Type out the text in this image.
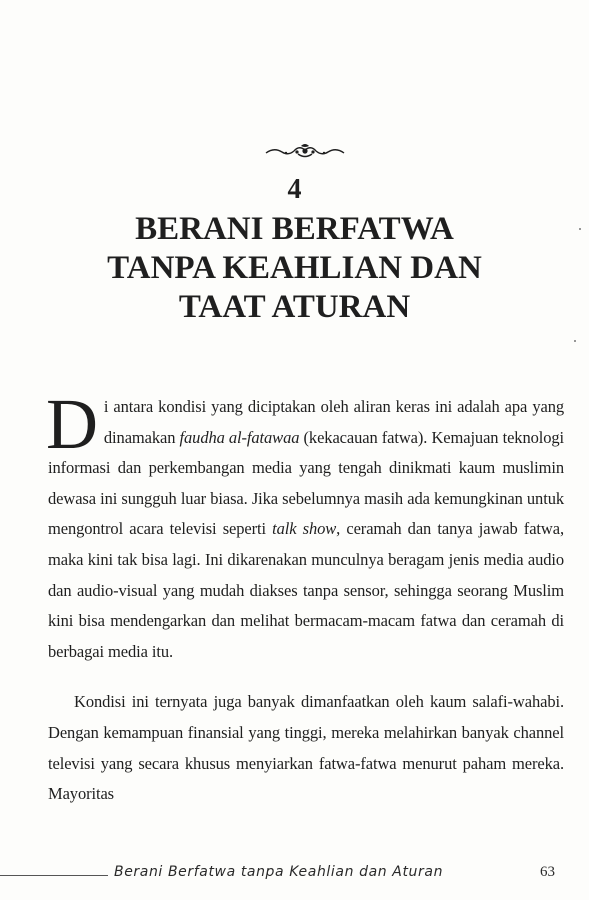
4
BERANI BERFATWA
TANPA KEAHLIAN DAN
TAAT ATURAN

Di antara kondisi yang diciptakan oleh aliran keras ini adalah apa yang dinamakan faudha al-fatawaa (kekacauan fatwa). Kemajuan teknologi informasi dan perkembangan media yang tengah dinikmati kaum muslimin dewasa ini sungguh luar biasa. Jika sebelumnya masih ada kemungkinan untuk mengontrol acara televisi seperti talk show, ceramah dan tanya jawab fatwa, maka kini tak bisa lagi. Ini dikarenakan munculnya beragam jenis media audio dan audio-visual yang mudah diakses tanpa sensor, sehingga seorang Muslim kini bisa mendengarkan dan melihat bermacam-macam fatwa dan ceramah di berbagai media itu.

Kondisi ini ternyata juga banyak dimanfaatkan oleh kaum salafi-wahabi. Dengan kemampuan finansial yang tinggi, mereka melahirkan banyak channel televisi yang secara khusus menyiarkan fatwa-fatwa menurut paham mereka. Mayoritas

Berani Berfatwa tanpa Keahlian dan Aturan	63
